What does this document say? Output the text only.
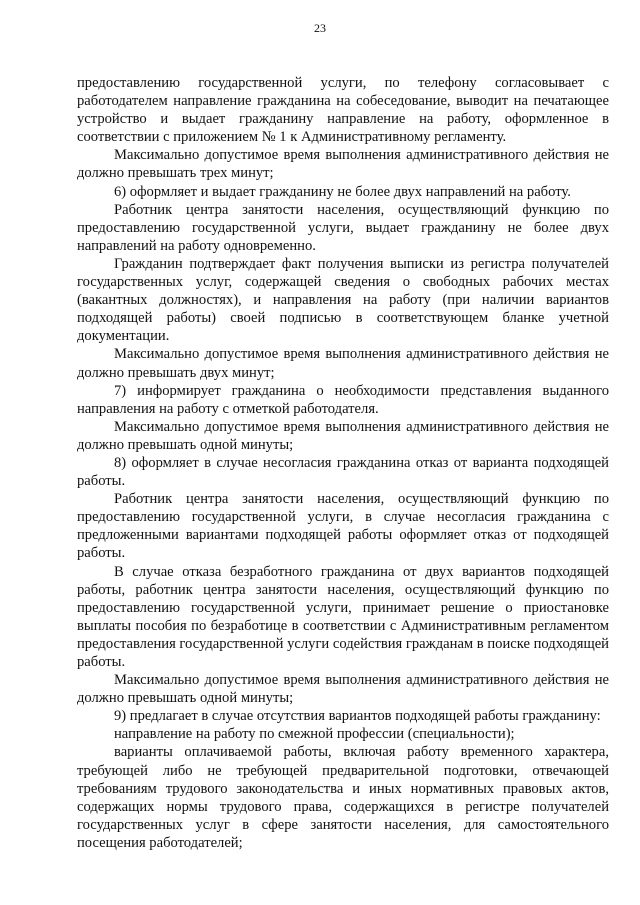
23

предоставлению государственной услуги, по телефону согласовывает с работодателем направление гражданина на собеседование, выводит на печатающее устройство и выдает гражданину направление на работу, оформленное в соответствии с приложением № 1 к Административному регламенту.

Максимально допустимое время выполнения административного действия не должно превышать трех минут;

6) оформляет и выдает гражданину не более двух направлений на работу.

Работник центра занятости населения, осуществляющий функцию по предоставлению государственной услуги, выдает гражданину не более двух направлений на работу одновременно.

Гражданин подтверждает факт получения выписки из регистра получателей государственных услуг, содержащей сведения о свободных рабочих местах (вакантных должностях), и направления на работу (при наличии вариантов подходящей работы) своей подписью в соответствующем бланке учетной документации.

Максимально допустимое время выполнения административного действия не должно превышать двух минут;

7) информирует гражданина о необходимости представления выданного направления на работу с отметкой работодателя.

Максимально допустимое время выполнения административного действия не должно превышать одной минуты;

8) оформляет в случае несогласия гражданина отказ от варианта подходящей работы.

Работник центра занятости населения, осуществляющий функцию по предоставлению государственной услуги, в случае несогласия гражданина с предложенными вариантами подходящей работы оформляет отказ от подходящей работы.

В случае отказа безработного гражданина от двух вариантов подходящей работы, работник центра занятости населения, осуществляющий функцию по предоставлению государственной услуги, принимает решение о приостановке выплаты пособия по безработице в соответствии с Административным регламентом предоставления государственной услуги содействия гражданам в поиске подходящей работы.

Максимально допустимое время выполнения административного действия не должно превышать одной минуты;

9) предлагает в случае отсутствия вариантов подходящей работы гражданину:

направление на работу по смежной профессии (специальности);

варианты оплачиваемой работы, включая работу временного характера, требующей либо не требующей предварительной подготовки, отвечающей требованиям трудового законодательства и иных нормативных правовых актов, содержащих нормы трудового права, содержащихся в регистре получателей государственных услуг в сфере занятости населения, для самостоятельного посещения работодателей;
